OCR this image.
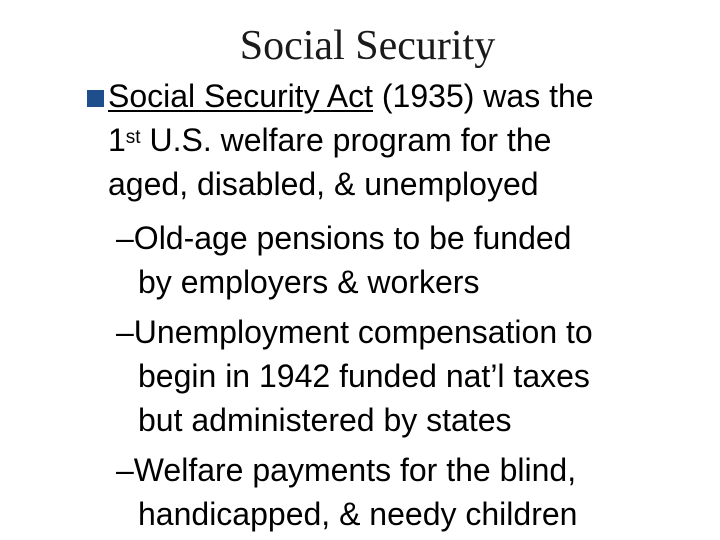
Social Security
Social Security Act (1935) was the
1st U.S. welfare program for the
aged, disabled, & unemployed
–Old-age pensions to be funded
by employers & workers
–Unemployment compensation to
begin in 1942 funded nat’l taxes
but administered by states
–Welfare payments for the blind,
handicapped, & needy children
